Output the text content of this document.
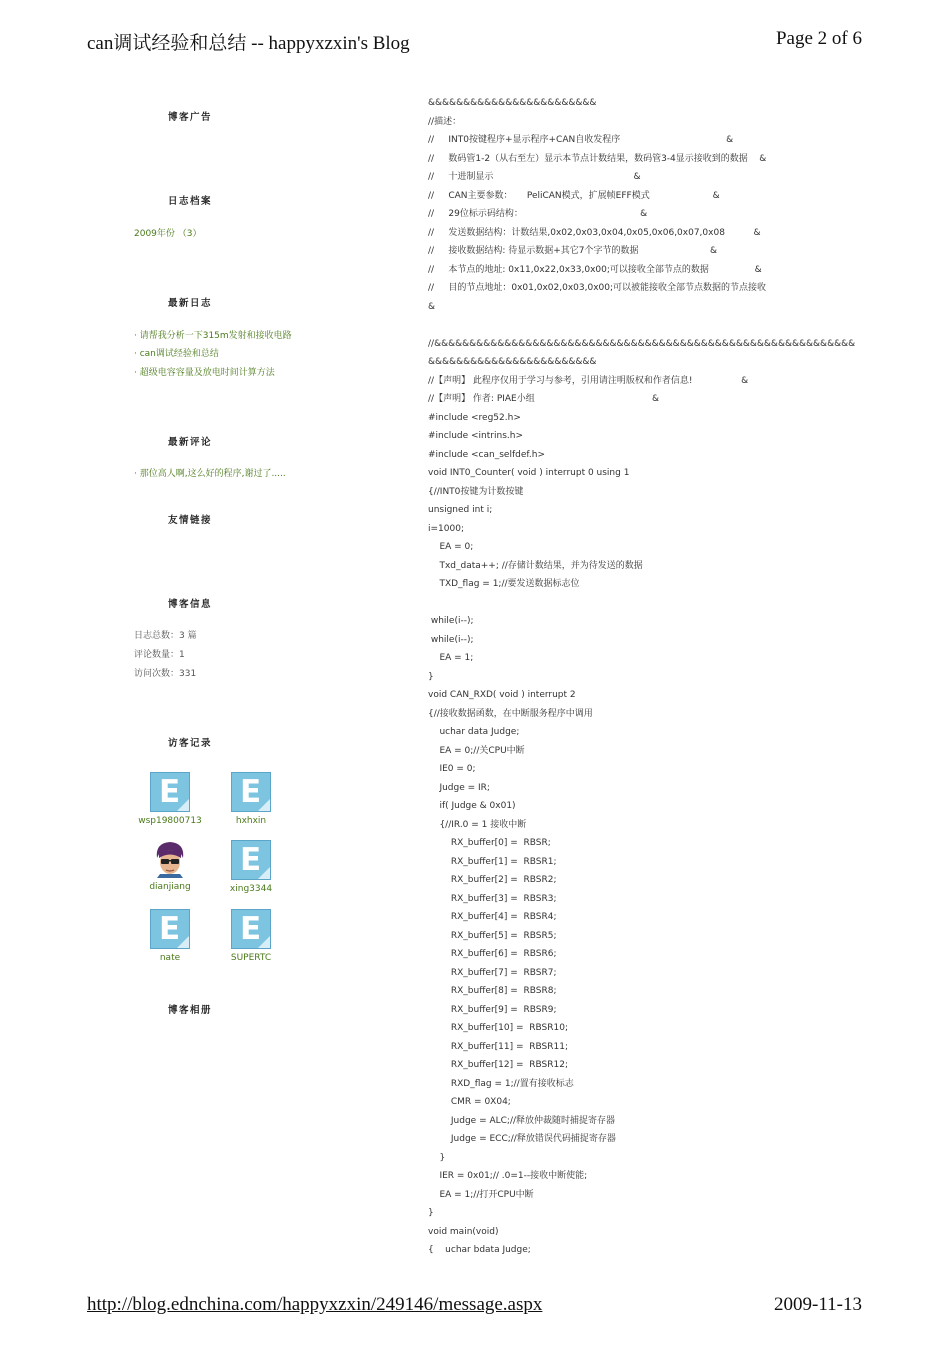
can调试经验和总结 -- happyxzxin's Blog	Page 2 of 6
博客广告
日志档案
2009年份 （3）
最新日志
· 请帮我分析一下315m发射和接收电路
· can调试经验和总结
· 超级电容容量及放电时间计算方法
最新评论
· 那位高人啊,这么好的程序,谢过了.....
友情链接
博客信息
日志总数：3 篇
评论数量：1
访问次数：331
访客记录
E
wsp19800713
E
hxhxin
dianjiang
E
xing3344
E
nate
E
SUPERTC
博客相册
&&&&&&&&&&&&&&&&&&&&&&&&
//描述：
//     INT0按键程序+显示程序+CAN自收发程序                                     &
//     数码管1-2（从右至左）显示本节点计数结果，数码管3-4显示接收到的数据    &
//     十进制显示                                                 &
//     CAN主要参数：     PeliCAN模式，扩展帧EFF模式                      &
//     29位标示码结构：                                         &
//     发送数据结构：计数结果,0x02,0x03,0x04,0x05,0x06,0x07,0x08          &
//     接收数据结构: 待显示数据+其它7个字节的数据                         &
//     本节点的地址: 0x11,0x22,0x33,0x00;可以接收全部节点的数据                &
//     目的节点地址：0x01,0x02,0x03,0x00;可以被能接收全部节点数据的节点接收
&
//&&&&&&&&&&&&&&&&&&&&&&&&&&&&&&&&&&&&&&&&&&&&&&&&&&&&&&&&&&&&
&&&&&&&&&&&&&&&&&&&&&&&&
//【声明】 此程序仅用于学习与参考，引用请注明版权和作者信息!                 &
//【声明】 作者: PIAE小组                                         &
#include <reg52.h>
#include <intrins.h>
#include <can_selfdef.h>
void INT0_Counter( void ) interrupt 0 using 1
{//INT0按键为计数按键
unsigned int i;
i=1000;
EA = 0;
Txd_data++; //存储计数结果，并为待发送的数据
TXD_flag = 1;//要发送数据标志位
while(i--);
while(i--);
EA = 1;
}
void CAN_RXD( void ) interrupt 2
{//接收数据函数，在中断服务程序中调用
uchar data Judge;
EA = 0;//关CPU中断
IE0 = 0;
Judge = IR;
if( Judge & 0x01)
{//IR.0 = 1 接收中断
RX_buffer[0] =  RBSR;
RX_buffer[1] =  RBSR1;
RX_buffer[2] =  RBSR2;
RX_buffer[3] =  RBSR3;
RX_buffer[4] =  RBSR4;
RX_buffer[5] =  RBSR5;
RX_buffer[6] =  RBSR6;
RX_buffer[7] =  RBSR7;
RX_buffer[8] =  RBSR8;
RX_buffer[9] =  RBSR9;
RX_buffer[10] =  RBSR10;
RX_buffer[11] =  RBSR11;
RX_buffer[12] =  RBSR12;
RXD_flag = 1;//置有接收标志
CMR = 0X04;
Judge = ALC;//释放仲裁随时捕捉寄存器
Judge = ECC;//释放错误代码捕捉寄存器
}
IER = 0x01;// .0=1--接收中断使能;
EA = 1;//打开CPU中断
}
void main(void)
{    uchar bdata Judge;
http://blog.ednchina.com/happyxzxin/249146/message.aspx	2009-11-13
